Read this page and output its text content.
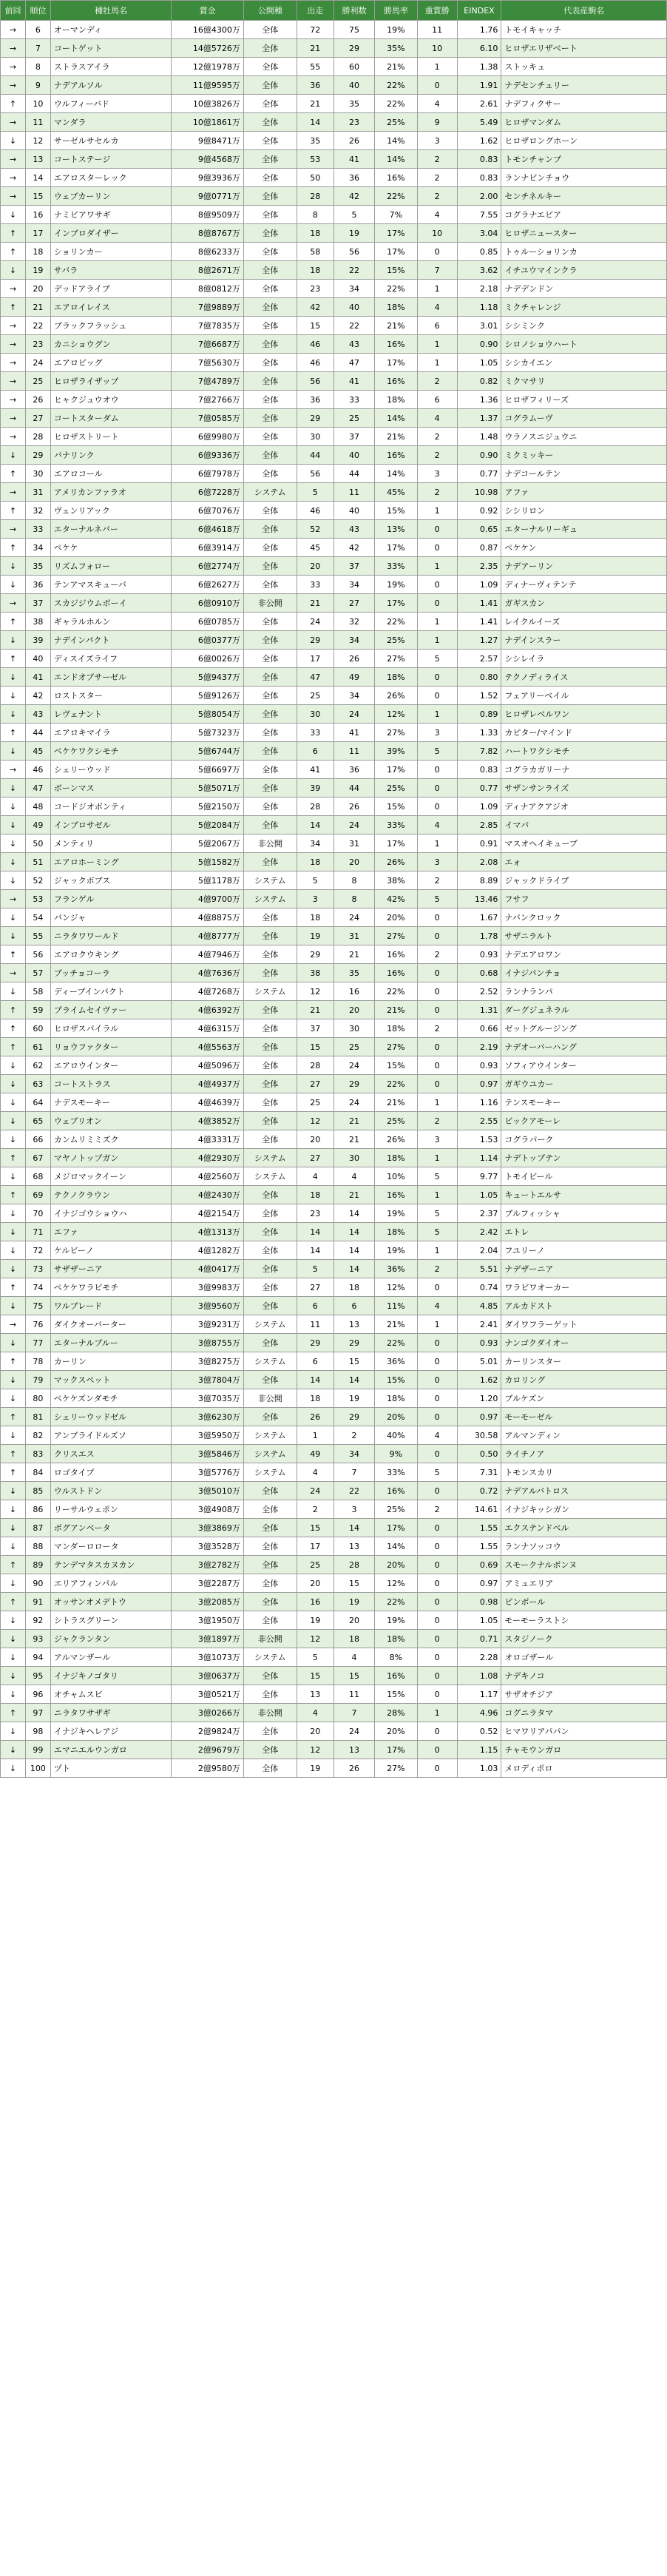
前回	順位	種牡馬名	賞金	公開種	出走	勝利数	勝馬率	重賞勝	EINDEX	代表産駒名
→	6	オーマンディ	16億4300万	全体	72	75	19%	11	1.76	トモイキャッチ
→	7	コートゲット	14億5726万	全体	21	29	35%	10	6.10	ヒロザエリザベート
→	8	ストラスアイラ	12億1978万	全体	55	60	21%	1	1.38	ストッキュ
→	9	ナデアルソル	11億9595万	全体	36	40	22%	0	1.91	ナデセンチュリー
↑	10	ウルフィーバド	10億3826万	全体	21	35	22%	4	2.61	ナデフィクサー
→	11	マンダラ	10億1861万	全体	14	23	25%	9	5.49	ヒロザマンダム
↓	12	サーゼルサセルカ	9億8471万	全体	35	26	14%	3	1.62	ヒロザロングホーン
→	13	コートステージ	9億4568万	全体	53	41	14%	2	0.83	トモンチャンプ
→	14	エアロスターレック	9億3936万	全体	50	36	16%	2	0.83	ランナビンチョウ
→	15	ウェブカーリン	9億0771万	全体	28	42	22%	2	2.00	センチネルキー
↓	16	ナミビアワサギ	8億9509万	全体	8	5	7%	4	7.55	コグラナエビア
↑	17	インブロダイザー	8億8767万	全体	18	19	17%	10	3.04	ヒロザニュースター
↑	18	ショリンカー	8億6233万	全体	58	56	17%	0	0.85	トゥルーショリンカ
↓	19	サバラ	8億2671万	全体	18	22	15%	7	3.62	イチユウマインクラ
→	20	デッドアライブ	8億0812万	全体	23	34	22%	1	2.18	ナデデンドン
↑	21	エアロイレイス	7億9889万	全体	42	40	18%	4	1.18	ミクチャレンジ
→	22	ブラックフラッシュ	7億7835万	全体	15	22	21%	6	3.01	シシミンク
→	23	カニショウグン	7億6687万	全体	46	43	16%	1	0.90	シロノショウハート
→	24	エアロビッグ	7億5630万	全体	46	47	17%	1	1.05	シシカイエン
→	25	ヒロザライザップ	7億4789万	全体	56	41	16%	2	0.82	ミクマサリ
→	26	ヒャクジュウオウ	7億2766万	全体	36	33	18%	6	1.36	ヒロザフィリーズ
→	27	コートスターダム	7億0585万	全体	29	25	14%	4	1.37	コグラムーヴ
→	28	ヒロザストリート	6億9980万	全体	30	37	21%	2	1.48	ウラノスニジュウニ
↓	29	バナリンク	6億9336万	全体	44	40	16%	2	0.90	ミクミッキー
↑	30	エアロコール	6億7978万	全体	56	44	14%	3	0.77	ナデコールテン
→	31	アメリカンファラオ	6億7228万	システム	5	11	45%	2	10.98	アファ
↑	32	ヴェンリアック	6億7076万	全体	46	40	15%	1	0.92	シシリロン
→	33	エターナルネバー	6億4618万	全体	52	43	13%	0	0.65	エターナルリーギュ
↑	34	ペケケ	6億3914万	全体	45	42	17%	0	0.87	ペケケン
↓	35	リズムフォロー	6億2774万	全体	20	37	33%	1	2.35	ナデアーリン
↓	36	テンアマスキューバ	6億2627万	全体	33	34	19%	0	1.09	ディナーヴィテンテ
→	37	スカジジウムボーイ	6億0910万	非公開	21	27	17%	0	1.41	ガギスカン
↑	38	ギャラルホルン	6億0785万	全体	24	32	22%	1	1.41	レイクルイーズ
↓	39	ナデインパクト	6億0377万	全体	29	34	25%	1	1.27	ナデインスラー
↑	40	ディスイズライフ	6億0026万	全体	17	26	27%	5	2.57	シシレイラ
↓	41	エンドオブサーゼル	5億9437万	全体	47	49	18%	0	0.80	テクノディライス
↓	42	ロストスター	5億9126万	全体	25	34	26%	0	1.52	フェアリーベイル
↓	43	レヴェナント	5億8054万	全体	30	24	12%	1	0.89	ヒロザレベルワン
↑	44	エアロキマイラ	5億7323万	全体	33	41	27%	3	1.33	カピター/マインド
↓	45	ペケケワクシモチ	5億6744万	全体	6	11	39%	5	7.82	ハートワクシモチ
→	46	シェリーウッド	5億6697万	全体	41	36	17%	0	0.83	コグラカガリーナ
↓	47	ボーンマス	5億5071万	全体	39	44	25%	0	0.77	サザンサンライズ
↓	48	コードジオボンティ	5億2150万	全体	28	26	15%	0	1.09	ディナアクアジオ
↓	49	インブロサゼル	5億2084万	全体	14	24	33%	4	2.85	イマバ
↓	50	メンティリ	5億2067万	非公開	34	31	17%	1	0.91	マスオヘイキューブ
↓	51	エアロホーミング	5億1582万	全体	18	20	26%	3	2.08	エォ
↓	52	ジャックボブス	5億1178万	システム	5	8	38%	2	8.89	ジャックドライブ
→	53	フランゲル	4億9700万	システム	3	8	42%	5	13.46	フサフ
↓	54	バンジャ	4億8875万	全体	18	24	20%	0	1.67	ナバンクロック
↓	55	ニラタワワールド	4億8777万	全体	19	31	27%	0	1.78	サザニラルト
↑	56	エアロクウキング	4億7946万	全体	29	21	16%	2	0.93	ナデエアロワン
→	57	ブッチョコーラ	4億7636万	全体	38	35	16%	0	0.68	イナジパンチョ
↓	58	ディープインパクト	4億7268万	システム	12	16	22%	0	2.52	ランナランパ
↑	59	プライムセイヴァー	4億6392万	全体	21	20	21%	0	1.31	ダーグジュネラル
↑	60	ヒロザスパイラル	4億6315万	全体	37	30	18%	2	0.66	ゼットグルージング
↑	61	リョウファクター	4億5563万	全体	15	25	27%	0	2.19	ナデオーバーハング
↓	62	エアロウインター	4億5096万	全体	28	24	15%	0	0.93	ソフィアウインター
↓	63	コートストラス	4億4937万	全体	27	29	22%	0	0.97	ガギウユカー
↓	64	ナデスモーキー	4億4639万	全体	25	24	21%	1	1.16	テンスモーキー
↓	65	ウェブリオン	4億3852万	全体	12	21	25%	2	2.55	ビックアモーレ
↓	66	カンムリミミズク	4億3331万	全体	20	21	26%	3	1.53	コグラパーク
↑	67	マヤノトップガン	4億2930万	システム	27	30	18%	1	1.14	ナデトップテン
↓	68	メジロマックイーン	4億2560万	システム	4	4	10%	5	9.77	トモイビール
↑	69	テクノクラウン	4億2430万	全体	18	21	16%	1	1.05	キュートエルサ
↓	70	イナジゴウショウハ	4億2154万	全体	23	14	19%	5	2.37	ブルフィッシャ
↓	71	エファ	4億1313万	全体	14	14	18%	5	2.42	エトレ
↓	72	ケルビーノ	4億1282万	全体	14	14	19%	1	2.04	フユリーノ
↓	73	サザザーニア	4億0417万	全体	5	14	36%	2	5.51	ナデザーニア
↑	74	ペケケワラビモチ	3億9983万	全体	27	18	12%	0	0.74	ワラビワオーカー
↓	75	ワルブレード	3億9560万	全体	6	6	11%	4	4.85	アルカドスト
→	76	ダイクオーバーター	3億9231万	システム	11	13	21%	1	2.41	ダイワフラーゲット
↓	77	エターナルブルー	3億8755万	全体	29	29	22%	0	0.93	ナンゴクダイオー
↑	78	カーリン	3億8275万	システム	6	15	36%	0	5.01	カーリンスター
↓	79	マックスペット	3億7804万	全体	14	14	15%	0	1.62	カロリング
↓	80	ペケケズンダモチ	3億7035万	非公開	18	19	18%	0	1.20	ブルケズン
↑	81	シェリーウッドゼル	3億6230万	全体	26	29	20%	0	0.97	モーモーゼル
↓	82	アンブライドルズソ	3億5950万	システム	1	2	40%	4	30.58	アルマンディン
↑	83	クリスエス	3億5846万	システム	49	34	9%	0	0.50	ライチノア
↑	84	ロゴタイプ	3億5776万	システム	4	7	33%	5	7.31	トモンスカリ
↓	85	ウルストドン	3億5010万	全体	24	22	16%	0	0.72	ナデアルバトロス
↓	86	リーサルウェポン	3億4908万	全体	2	3	25%	2	14.61	イナジキッシガン
↓	87	ボグアンベータ	3億3869万	全体	15	14	17%	0	1.55	エクステンドベル
↓	88	マンダーロロータ	3億3528万	全体	17	13	14%	0	1.55	ランナソッコウ
↑	89	テンデマタスカヌカン	3億2782万	全体	25	28	20%	0	0.69	スモークナルボンヌ
↓	90	エリアフィンパル	3億2287万	全体	20	15	12%	0	0.97	アミュエリア
↑	91	オッサンオメデトウ	3億2085万	全体	16	19	22%	0	0.98	ピンボール
↓	92	シトラスグリーン	3億1950万	全体	19	20	19%	0	1.05	モーモーラストシ
↓	93	ジャクランタン	3億1897万	非公開	12	18	18%	0	0.71	スタジノーク
↓	94	アルマンザール	3億1073万	システム	5	4	8%	0	2.28	オロゴザール
↓	95	イナジキノゴタリ	3億0637万	全体	15	15	16%	0	1.08	ナデキノコ
↓	96	オチャムスビ	3億0521万	全体	13	11	15%	0	1.17	サザオチジア
↑	97	ニラタワサザギ	3億0266万	非公開	4	7	28%	1	4.96	コグニラタマ
↓	98	イナジキヘレアジ	2億9824万	全体	20	24	20%	0	0.52	ヒマワリアパパン
↓	99	エマニエルウンガロ	2億9679万	全体	12	13	17%	0	1.15	チャモウンガロ
↓	100	ヅト	2億9580万	全体	19	26	27%	0	1.03	メロディポロ
